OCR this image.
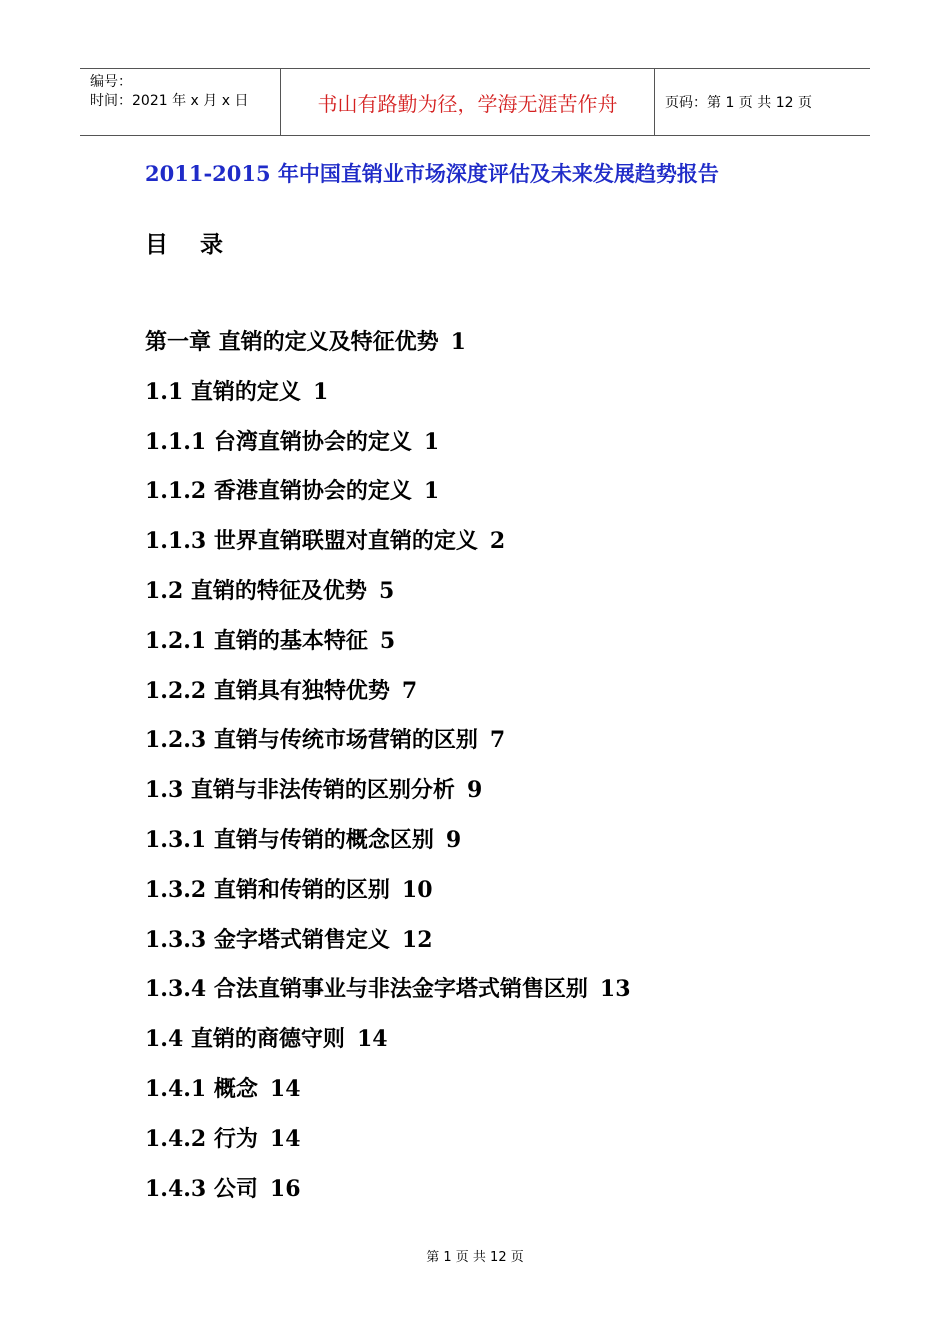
编号：
时间：2021 年 x 月 x 日	书山有路勤为径，学海无涯苦作舟	页码：第 1 页 共 12 页
2011-2015 年中国直销业市场深度评估及未来发展趋势报告
目 录
第一章 直销的定义及特征优势 1
1.1 直销的定义 1
1.1.1 台湾直销协会的定义 1
1.1.2 香港直销协会的定义 1
1.1.3 世界直销联盟对直销的定义 2
1.2 直销的特征及优势 5
1.2.1 直销的基本特征 5
1.2.2 直销具有独特优势 7
1.2.3 直销与传统市场营销的区别 7
1.3 直销与非法传销的区别分析 9
1.3.1 直销与传销的概念区别 9
1.3.2 直销和传销的区别 10
1.3.3 金字塔式销售定义 12
1.3.4 合法直销事业与非法金字塔式销售区别 13
1.4 直销的商德守则 14
1.4.1 概念 14
1.4.2 行为 14
1.4.3 公司 16
第 1 页 共 12 页
